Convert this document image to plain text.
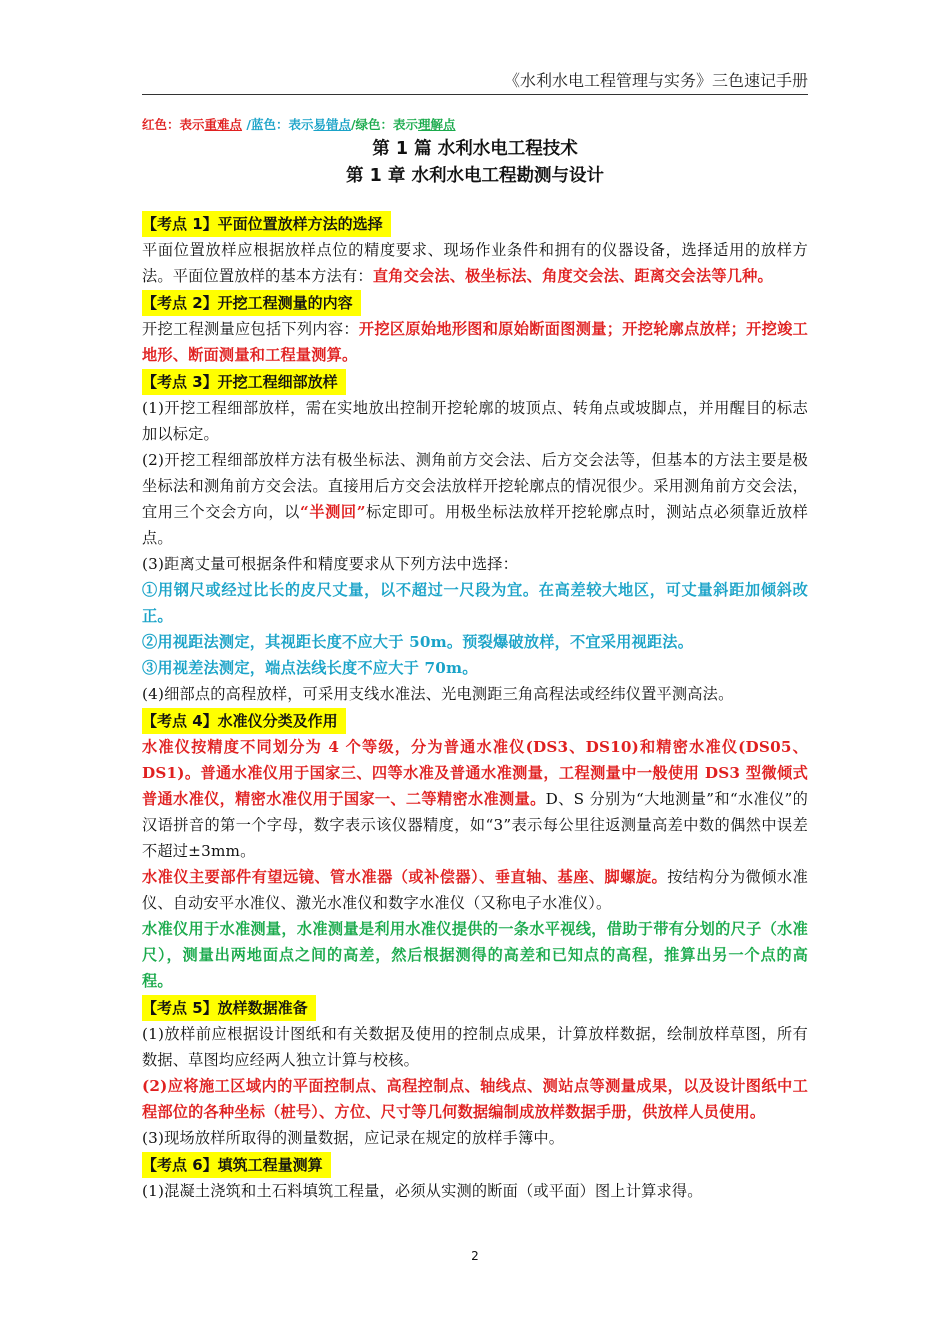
《水利水电工程管理与实务》三色速记手册
红色：表示重难点 /蓝色：表示易错点/绿色：表示理解点
第 1 篇 水利水电工程技术
第 1 章 水利水电工程勘测与设计
【考点 1】平面位置放样方法的选择

平面位置放样应根据放样点位的精度要求、现场作业条件和拥有的仪器设备，选择适用的放样方法。平面位置放样的基本方法有：直角交会法、极坐标法、角度交会法、距离交会法等几种。

【考点 2】开挖工程测量的内容

开挖工程测量应包括下列内容：开挖区原始地形图和原始断面图测量；开挖轮廓点放样；开挖竣工地形、断面测量和工程量测算。

【考点 3】开挖工程细部放样

(1)开挖工程细部放样，需在实地放出控制开挖轮廓的坡顶点、转角点或坡脚点，并用醒目的标志加以标定。

(2)开挖工程细部放样方法有极坐标法、测角前方交会法、后方交会法等，但基本的方法主要是极坐标法和测角前方交会法。直接用后方交会法放样开挖轮廓点的情况很少。采用测角前方交会法，宜用三个交会方向，以“半测回”标定即可。用极坐标法放样开挖轮廓点时，测站点必须靠近放样点。

(3)距离丈量可根据条件和精度要求从下列方法中选择：

①用钢尺或经过比长的皮尺丈量，以不超过一尺段为宜。在高差较大地区，可丈量斜距加倾斜改正。

②用视距法测定，其视距长度不应大于 50m。预裂爆破放样，不宜采用视距法。

③用视差法测定，端点法线长度不应大于 70m。

(4)细部点的高程放样，可采用支线水准法、光电测距三角高程法或经纬仪置平测高法。

【考点 4】水准仪分类及作用

水准仪按精度不同划分为 4 个等级，分为普通水准仪(DS3、DS10)和精密水准仪(DS05、DS1)。普通水准仪用于国家三、四等水准及普通水准测量，工程测量中一般使用 DS3 型微倾式普通水准仪，精密水准仪用于国家一、二等精密水准测量。D、S 分别为“大地测量”和“水准仪”的汉语拼音的第一个字母，数字表示该仪器精度，如“3”表示每公里往返测量高差中数的偶然中误差不超过±3mm。

水准仪主要部件有望远镜、管水准器（或补偿器）、垂直轴、基座、脚螺旋。按结构分为微倾水准仪、自动安平水准仪、激光水准仪和数字水准仪（又称电子水准仪）。

水准仪用于水准测量，水准测量是利用水准仪提供的一条水平视线，借助于带有分划的尺子（水准尺），测量出两地面点之间的高差，然后根据测得的高差和已知点的高程，推算出另一个点的高程。

【考点 5】放样数据准备

(1)放样前应根据设计图纸和有关数据及使用的控制点成果，计算放样数据，绘制放样草图，所有数据、草图均应经两人独立计算与校核。

(2)应将施工区域内的平面控制点、高程控制点、轴线点、测站点等测量成果，以及设计图纸中工程部位的各种坐标（桩号）、方位、尺寸等几何数据编制成放样数据手册，供放样人员使用。

(3)现场放样所取得的测量数据，应记录在规定的放样手簿中。

【考点 6】填筑工程量测算

(1)混凝土浇筑和土石料填筑工程量，必须从实测的断面（或平面）图上计算求得。

2
